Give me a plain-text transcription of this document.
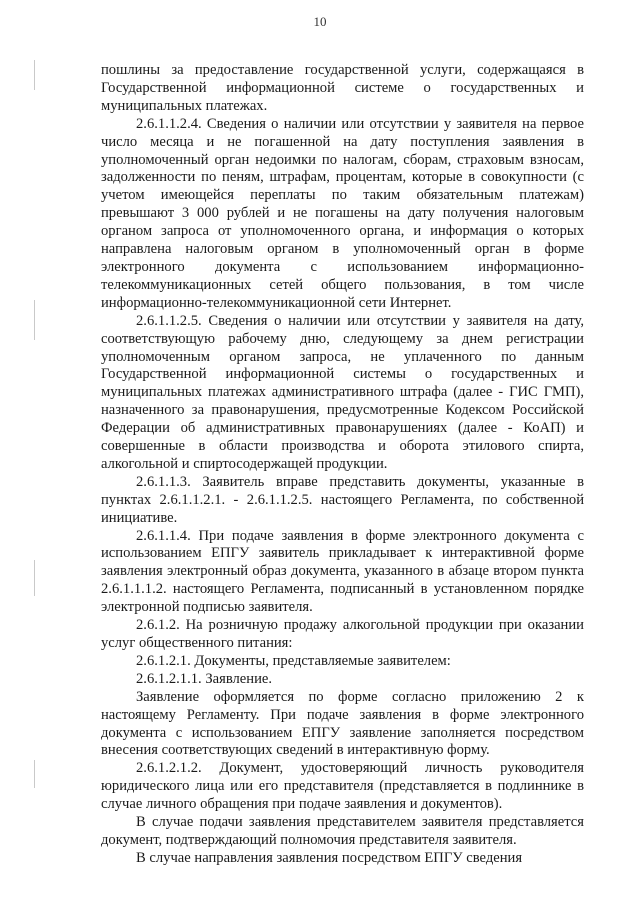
10

пошлины за предоставление государственной услуги, содержащаяся в Государственной информационной системе о государственных и муниципальных платежах.

2.6.1.1.2.4. Сведения о наличии или отсутствии у заявителя на первое число месяца и не погашенной на дату поступления заявления в уполномоченный орган недоимки по налогам, сборам, страховым взносам, задолженности по пеням, штрафам, процентам, которые в совокупности (с учетом имеющейся переплаты по таким обязательным платежам) превышают 3 000 рублей и не погашены на дату получения налоговым органом запроса от уполномоченного органа, и информация о которых направлена налоговым органом в уполномоченный орган в форме электронного документа с использованием информационно-телекоммуникационных сетей общего пользования, в том числе информационно-телекоммуникационной сети Интернет.

2.6.1.1.2.5. Сведения о наличии или отсутствии у заявителя на дату, соответствующую рабочему дню, следующему за днем регистрации уполномоченным органом запроса, не уплаченного по данным Государственной информационной системы о государственных и муниципальных платежах административного штрафа (далее - ГИС ГМП), назначенного за правонарушения, предусмотренные Кодексом Российской Федерации об административных правонарушениях (далее - КоАП) и совершенные в области производства и оборота этилового спирта, алкогольной и спиртосодержащей продукции.

2.6.1.1.3. Заявитель вправе представить документы, указанные в пунктах 2.6.1.1.2.1. - 2.6.1.1.2.5. настоящего Регламента, по собственной инициативе.

2.6.1.1.4. При подаче заявления в форме электронного документа с использованием ЕПГУ заявитель прикладывает к интерактивной форме заявления электронный образ документа, указанного в абзаце втором пункта 2.6.1.1.1.2. настоящего Регламента, подписанный в установленном порядке электронной подписью заявителя.

2.6.1.2. На розничную продажу алкогольной продукции при оказании услуг общественного питания:

2.6.1.2.1. Документы, представляемые заявителем:

2.6.1.2.1.1. Заявление.

Заявление оформляется по форме согласно приложению 2 к настоящему Регламенту. При подаче заявления в форме электронного документа с использованием ЕПГУ заявление заполняется посредством внесения соответствующих сведений в интерактивную форму.

2.6.1.2.1.2. Документ, удостоверяющий личность руководителя юридического лица или его представителя (представляется в подлиннике в случае личного обращения при подаче заявления и документов).

В случае подачи заявления представителем заявителя представляется документ, подтверждающий полномочия представителя заявителя.

В случае направления заявления посредством ЕПГУ сведения
